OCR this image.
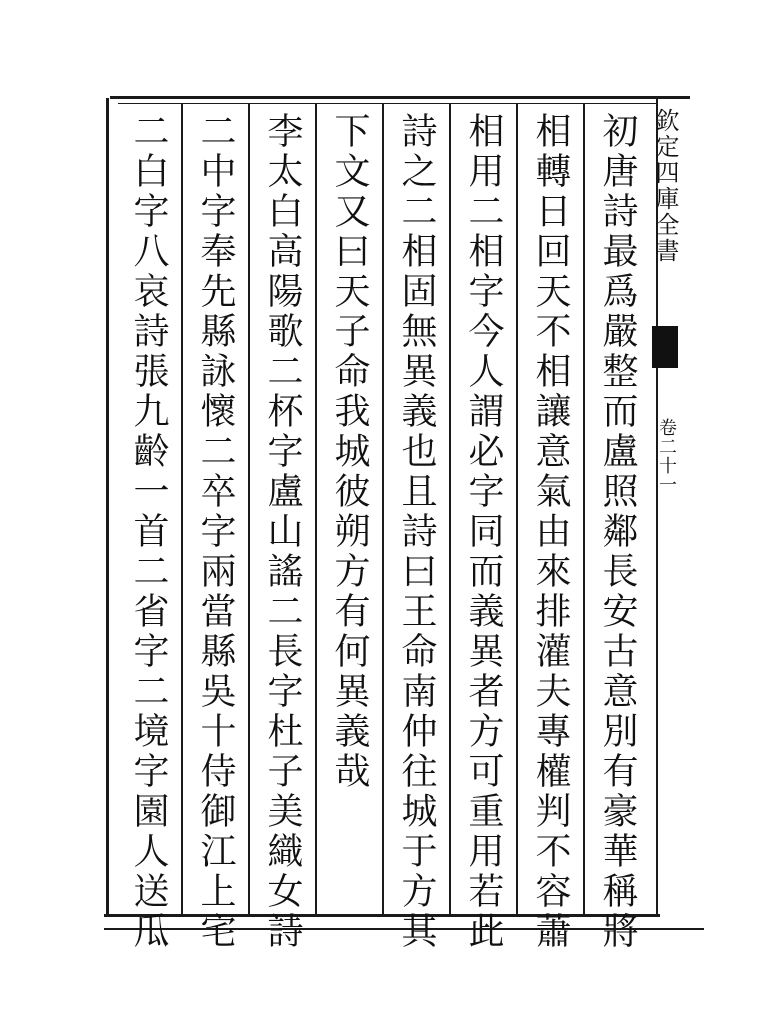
欽定四庫全書
卷二十一
初唐詩最爲嚴整而盧照鄰長安古意別有豪華稱將
相轉日回天不相讓意氣由來排灌夫專權判不容蕭
相用二相字今人謂必字同而義異者方可重用若此
詩之二相固無異義也且詩曰王命南仲往城于方其
下文又曰天子命我城彼朔方有何異義哉
李太白高陽歌二杯字盧山謠二長字杜子美織女詩
二中字奉先縣詠懷二卒字兩當縣吳十侍御江上宅
二白字八哀詩張九齡一首二省字二境字園人送瓜
